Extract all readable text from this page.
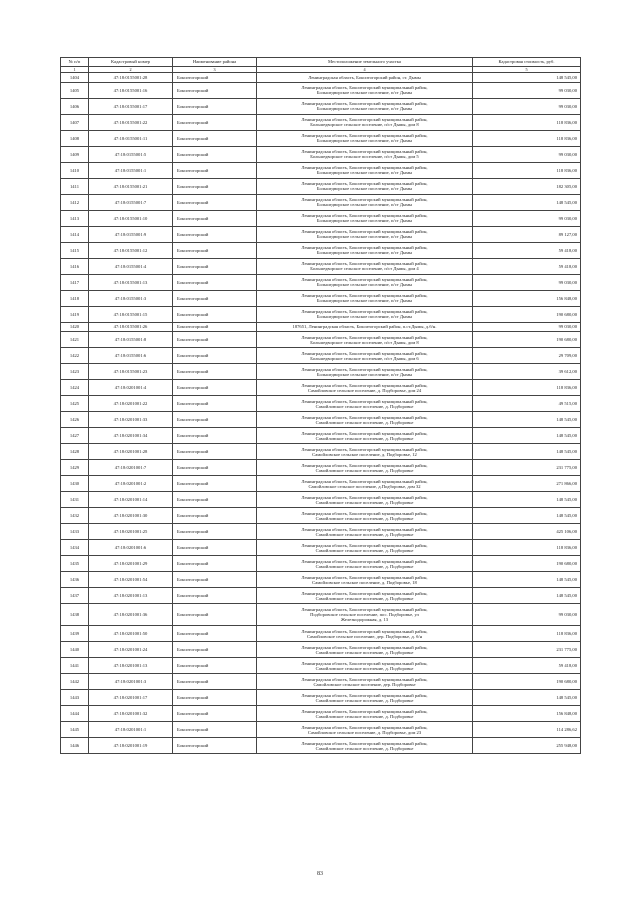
№ п/п	Кадастровый номер	Наименование района	Местоположение земельного участка	Кадастровая стоимость, руб.
1	2	3	4	5
1404	47:18:0155001:28	Бокситогорский	Ленинградская область, Бокситогорский район, ст. Дымы	148 545,00
1405	47:18:0155001:16	Бокситогорский	Ленинградская область, Бокситогорский муниципальный район,
Большедворское сельское поселение, п/ст Дымы	99 030,00
1406	47:18:0155001:17	Бокситогорский	Ленинградская область, Бокситогорский муниципальный район,
Большедворское сельское поселение, п/ст Дымы	99 030,00
1407	47:18:0155001:22	Бокситогорский	Ленинградская область, Бокситогорский муниципальный район,
Большедворское сельское поселение, п/ст Дымы, дом 8	118 836,00
1408	47:18:0155001:11	Бокситогорский	Ленинградская область, Бокситогорский муниципальный район,
Большедворское сельское поселение, п/ст Дымы	118 836,00
1409	47:18:0155001:5	Бокситогорский	Ленинградская область, Бокситогорский муниципальный район,
Большедворское сельское поселение, п/ст Дымы, дом 5	99 030,00
1410	47:18:0155001:1	Бокситогорский	Ленинградская область, Бокситогорский муниципальный район,
Большедворское сельское поселение, п/ст Дымы	118 836,00
1411	47:18:0155001:21	Бокситогорский	Ленинградская область, Бокситогорский муниципальный район,
Большедворское сельское поселение, п/ст Дымы	182 305,00
1412	47:18:0155001:7	Бокситогорский	Ленинградская область, Бокситогорский муниципальный район,
Большедворское сельское поселение, п/ст Дымы	148 545,00
1413	47:18:0155001:10	Бокситогорский	Ленинградская область, Бокситогорский муниципальный район,
Большедворское сельское поселение, п/ст Дымы	99 030,00
1414	47:18:0155001:9	Бокситогорский	Ленинградская область, Бокситогорский муниципальный район,
Большедворское сельское поселение, п/ст Дымы	89 127,00
1415	47:18:0155001:12	Бокситогорский	Ленинградская область, Бокситогорский муниципальный район,
Большедворское сельское поселение, п/ст Дымы	59 418,00
1416	47:18:0155001:4	Бокситогорский	Ленинградская область, Бокситогорский муниципальный район,
Большедворское сельское поселение, п/ст Дымы, дом 4	59 418,00
1417	47:18:0155001:13	Бокситогорский	Ленинградская область, Бокситогорский муниципальный район,
Большедворское сельское поселение, п/ст Дымы	99 030,00
1418	47:18:0155001:3	Бокситогорский	Ленинградская область, Бокситогорский муниципальный район,
Большедворское сельское поселение, п/ст Дымы	156 848,00
1419	47:18:0155001:15	Бокситогорский	Ленинградская область, Бокситогорский муниципальный район,
Большедворское сельское поселение, п/ст Дымы	190 680,00
1420	47:18:0155001:26	Бокситогорский	187651, Ленинградская область, Бокситогорский район, п.ст.Дымы, д.б/н.	99 030,00
1421	47:18:0155001:8	Бокситогорский	Ленинградская область, Бокситогорский муниципальный район,
Большедворское сельское поселение, п/ст Дымы, дом 8	190 680,00
1422	47:18:0155001:6	Бокситогорский	Ленинградская область, Бокситогорский муниципальный район,
Большедворское сельское поселение, п/ст Дымы, дом 6	29 709,00
1423	47:18:0155001:23	Бокситогорский	Ленинградская область, Бокситогорский муниципальный район,
Большедворское сельское поселение, п/ст Дымы	39 612,00
1424	47:18:0201001:4	Бокситогорский	Ленинградская область, Бокситогорский муниципальный район,
Самойловское сельское поселение, д. Подборовье, дом 24	118 836,00
1425	47:18:0201001:22	Бокситогорский	Ленинградская область, Бокситогорский муниципальный район,
Самойловское сельское поселение, д. Подборовье	49 515,00
1426	47:18:0201001:33	Бокситогорский	Ленинградская область, Бокситогорский муниципальный район,
Самойловское сельское поселение, д. Подборовье	148 545,00
1427	47:18:0201001:34	Бокситогорский	Ленинградская область, Бокситогорский муниципальный район,
Самойловское сельское поселение, д. Подборовье	148 545,00
1428	47:18:0201001:28	Бокситогорский	Ленинградская область, Бокситогорский муниципальный район,
Самойловское сельское поселение, д. Подборовье, 12	148 545,00
1429	47:18:0201001:7	Бокситогорский	Ленинградская область, Бокситогорский муниципальный район,
Самойловское сельское поселение, д. Подборовье	231 775,00
1430	47:18:0201001:2	Бокситогорский	Ленинградская область, Бокситогорский муниципальный район,
Самойловское сельское поселение, д.Подборовье, дом 32	271 866,00
1431	47:18:0201001:14	Бокситогорский	Ленинградская область, Бокситогорский муниципальный район,
Самойловское сельское поселение, д. Подборовье	148 545,00
1432	47:18:0201001:30	Бокситогорский	Ленинградская область, Бокситогорский муниципальный район,
Самойловское сельское поселение, д. Подборовье	148 545,00
1433	47:18:0201001:25	Бокситогорский	Ленинградская область, Бокситогорский муниципальный район,
Самойловское сельское поселение, д. Подборовье	425 106,00
1434	47:18:0201001:6	Бокситогорский	Ленинградская область, Бокситогорский муниципальный район,
Самойловское сельское поселение, д. Подборовье	118 836,00
1435	47:18:0201001:29	Бокситогорский	Ленинградская область, Бокситогорский муниципальный район,
Самойловское сельское поселение, д. Подборовье	190 680,00
1436	47:18:0201001:54	Бокситогорский	Ленинградская область, Бокситогорский муниципальный район,
Самойловское сельское поселение, д. Подборовье, 18	148 545,00
1437	47:18:0201001:13	Бокситогорский	Ленинградская область, Бокситогорский муниципальный район,
Самойловское сельское поселение, д. Подборовье	148 545,00
1438	47:18:0201001:36	Бокситогорский	Ленинградская область, Бокситогорский муниципальный район,
Подборовское сельское поселение, пос. Подборовье, ул
Железнодорожная, д. 13	99 030,00
1439	47:18:0201001:50	Бокситогорский	Ленинградская область, Бокситогорский муниципальный район,
Самойловское сельское поселение, дер. Подборовье, д. б/н	118 836,00
1440	47:18:0201001:24	Бокситогорский	Ленинградская область, Бокситогорский муниципальный район,
Самойловское сельское поселение, д. Подборовье	231 775,00
1441	47:18:0201001:13	Бокситогорский	Ленинградская область, Бокситогорский муниципальный район,
Самойловское сельское поселение, д. Подборовье	59 418,00
1442	47:18:0201001:3	Бокситогорский	Ленинградская область, Бокситогорский муниципальный район,
Самойловское сельское поселение, дер. Подборовье	190 680,00
1443	47:18:0201001:17	Бокситогорский	Ленинградская область, Бокситогорский муниципальный район,
Самойловское сельское поселение, д. Подборовье	148 545,00
1444	47:18:0201001:32	Бокситогорский	Ленинградская область, Бокситогорский муниципальный район,
Самойловское сельское поселение, д. Подборовье	156 848,00
1445	47:18:0201001:1	Бокситогорский	Ленинградская область, Бокситогорский муниципальный район,
Самойловское сельское поселение, д. Подборовье, дом 23	114 286,62
1446	47:18:0201001:19	Бокситогорский	Ленинградская область, Бокситогорский муниципальный район,
Самойловское сельское поселение, д. Подборовье	255 948,00
83
